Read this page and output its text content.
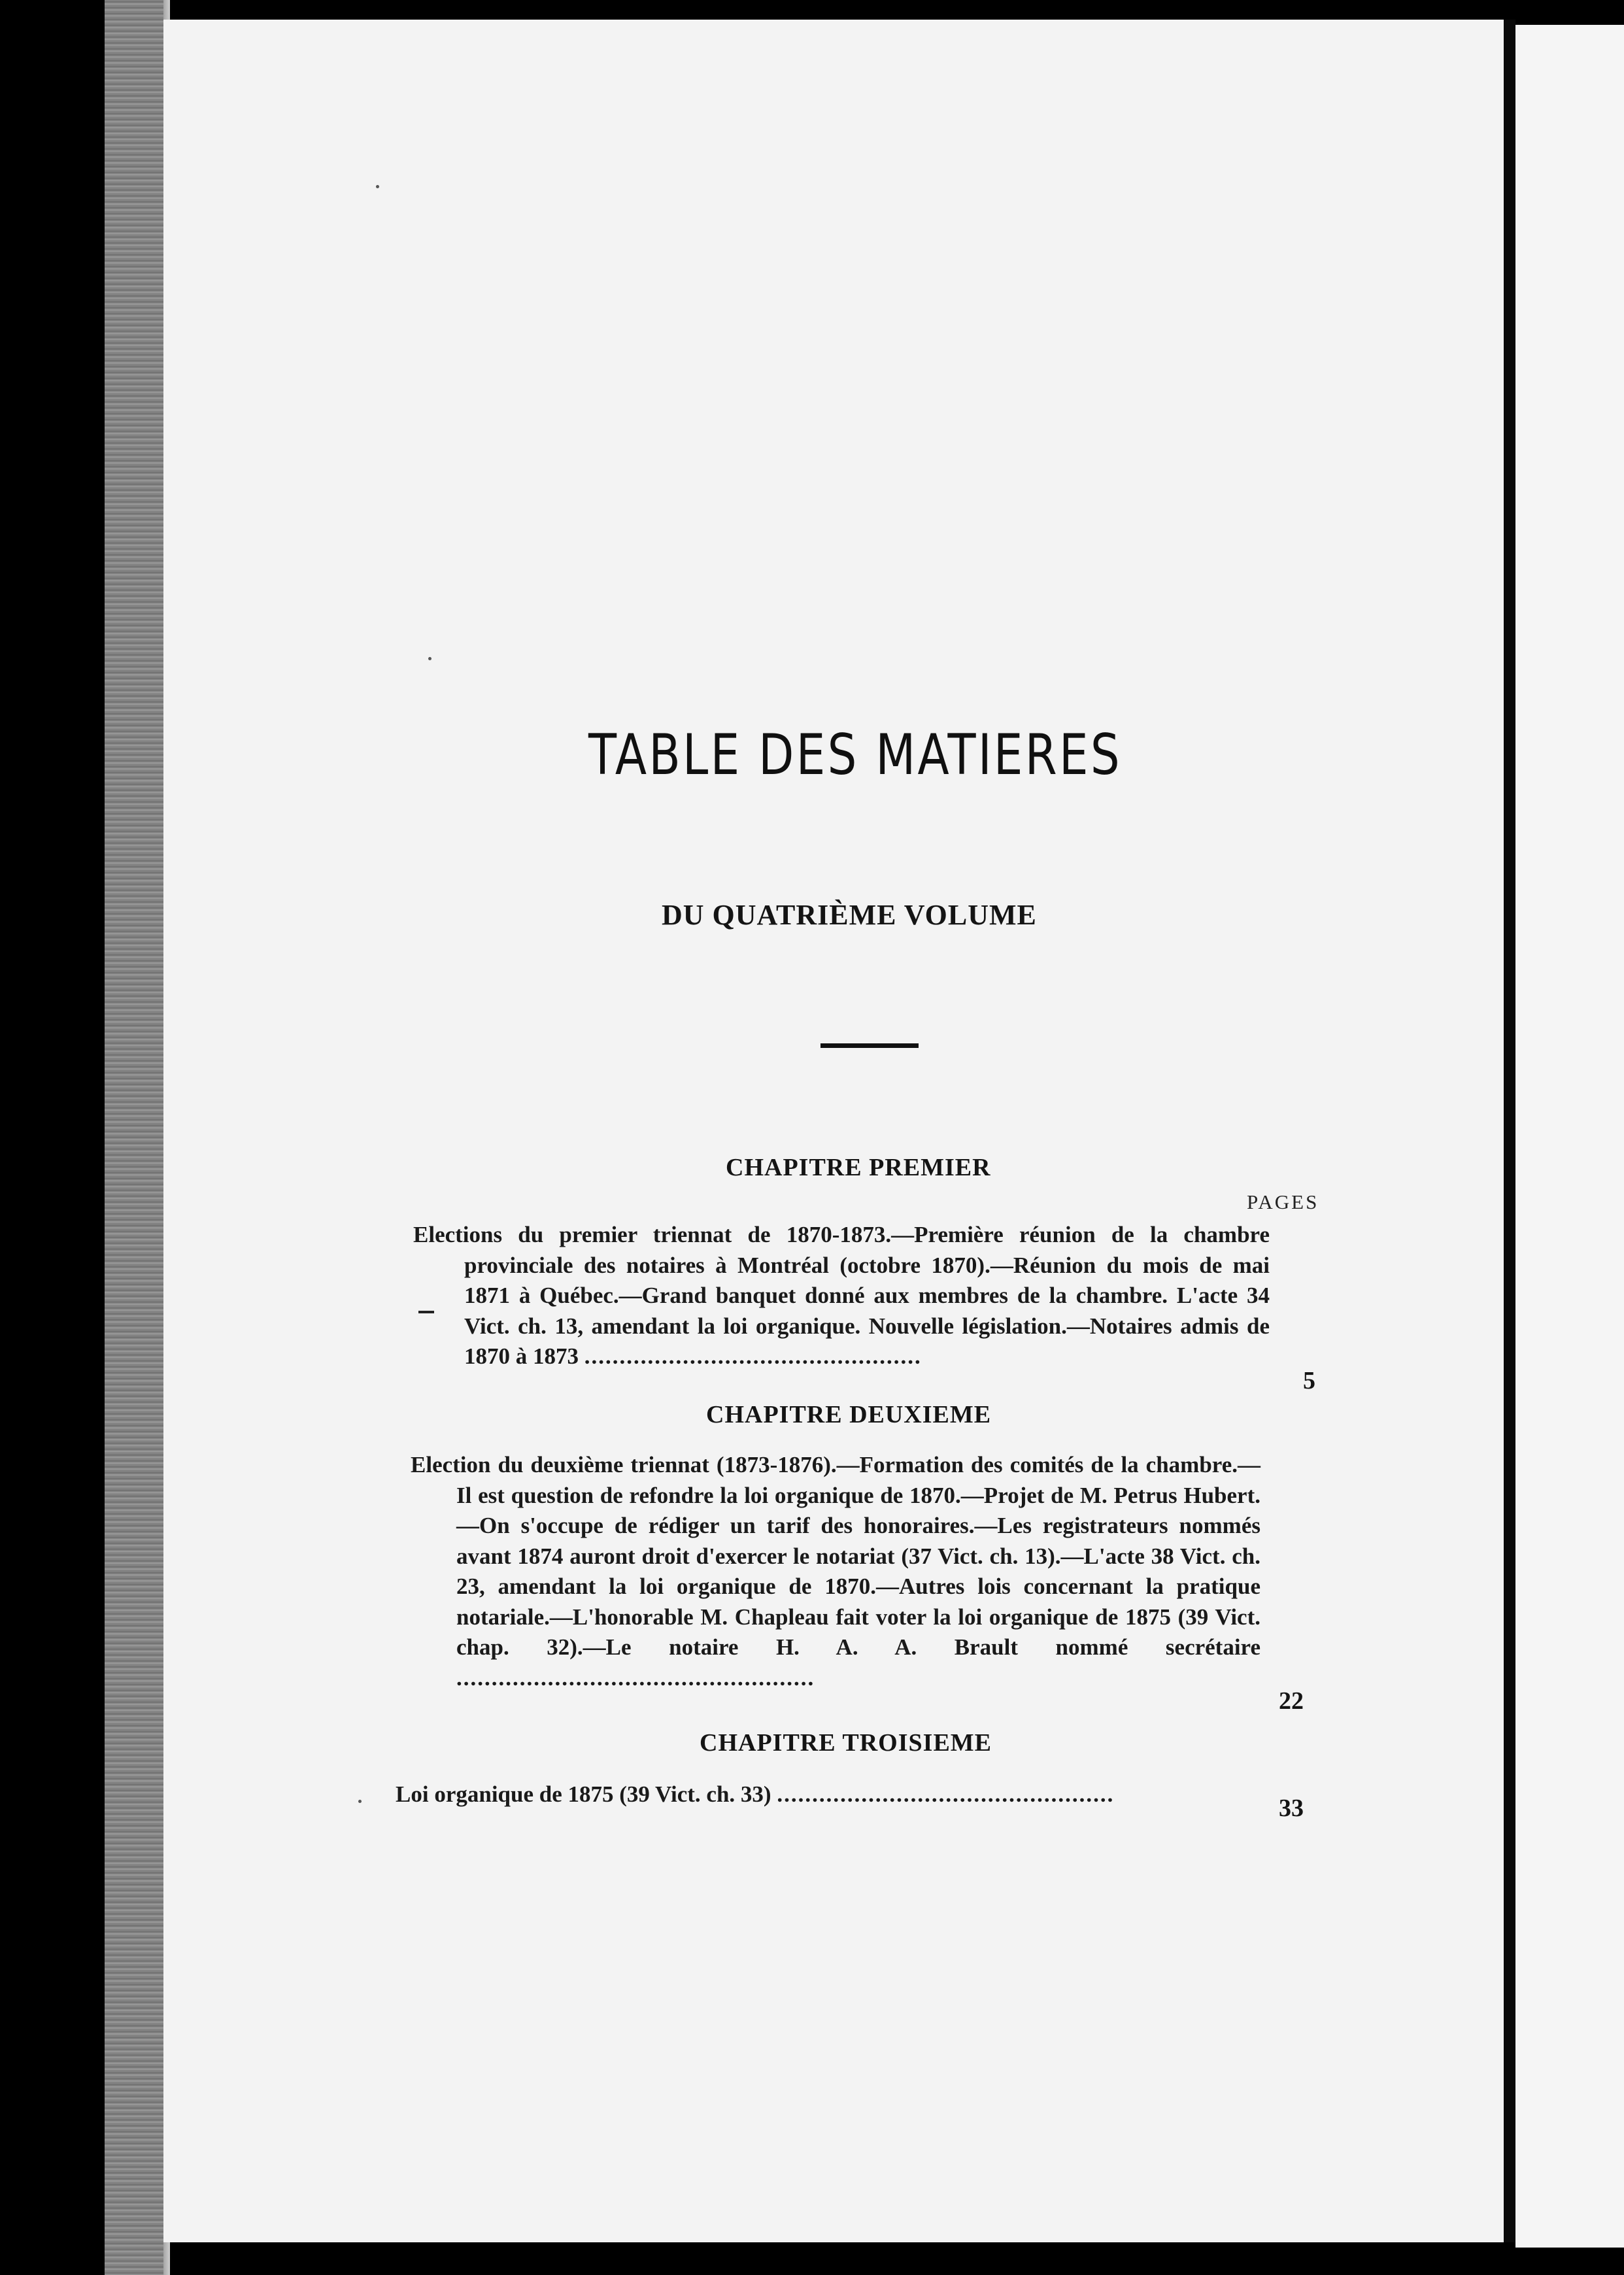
TABLE DES MATIERES
DU QUATRIÈME VOLUME
CHAPITRE PREMIER
PAGES
Elections du premier triennat de 1870-1873.—Première réunion de la chambre provinciale des notaires à Montréal (octobre 1870).—Réunion du mois de mai 1871 à Québec.—Grand banquet donné aux membres de la chambre. L'acte 34 Vict. ch. 13, amendant la loi organique. Nouvelle législation.—Notaires admis de 1870 à 1873 ................................................
5
CHAPITRE DEUXIEME
Election du deuxième triennat (1873-1876).—Formation des comités de la chambre.—Il est question de refondre la loi organique de 1870.—Projet de M. Petrus Hubert.—On s'occupe de rédiger un tarif des honoraires.—Les registrateurs nommés avant 1874 auront droit d'exercer le notariat (37 Vict. ch. 13).—L'acte 38 Vict. ch. 23, amendant la loi organique de 1870.—Autres lois concernant la pratique notariale.—L'honorable M. Chapleau fait voter la loi organique de 1875 (39 Vict. chap. 32).—Le notaire H. A. A. Brault nommé secrétaire ...................................................
22
CHAPITRE TROISIEME
Loi organique de 1875 (39 Vict. ch. 33) ................................................
33
